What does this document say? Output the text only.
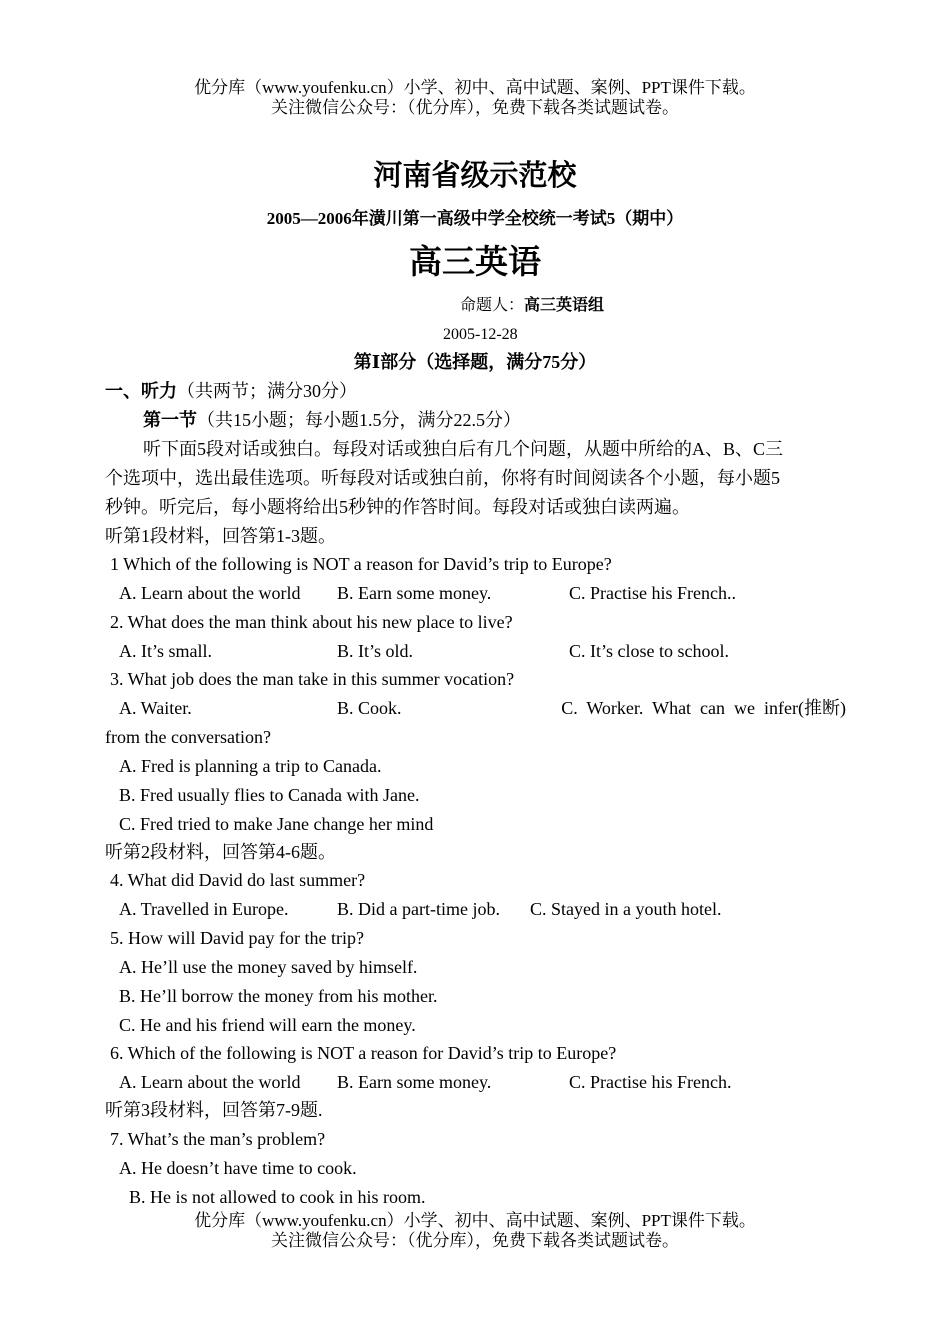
优分库（www.youfenku.cn）小学、初中、高中试题、案例、PPT课件下载。
关注微信公众号：（优分库），免费下载各类试题试卷。
河南省级示范校
2005—2006年潢川第一高级中学全校统一考试5（期中）
高三英语
命题人：高三英语组
2005-12-28
第Ⅰ部分（选择题，满分75分）
一、听力（共两节；满分30分）
第一节（共15小题；每小题1.5分，满分22.5分）
听下面5段对话或独白。每段对话或独白后有几个问题，从题中所给的A、B、C三
个选项中，选出最佳选项。听每段对话或独白前，你将有时间阅读各个小题，每小题5
秒钟。听完后，每小题将给出5秒钟的作答时间。每段对话或独白读两遍。
听第1段材料，回答第1-3题。
1 Which of the following is NOT a reason for David’s trip to Europe?
A. Learn about the world B. Earn some money.	C. Practise his French..
2. What does the man think about his new place to live?
A. It’s small.	B. It’s old.	C. It’s close to school.
3. What job does the man take in this summer vocation?
A. Waiter.	B. Cook.	C.  Worker.  What  can  we  infer(推断)
from the conversation?
A. Fred is planning a trip to Canada.
B. Fred usually flies to Canada with Jane.
C. Fred tried to make Jane change her mind
听第2段材料，回答第4-6题。
4. What did David do last summer?
A. Travelled in Europe.	B. Did a part-time job. C. Stayed in a youth hotel.
5. How will David pay for the trip?
A. He’ll use the money saved by himself.
B. He’ll borrow the money from his mother.
C. He and his friend will earn the money.
6. Which of the following is NOT a reason for David’s trip to Europe?
A. Learn about the world B. Earn some money.	C. Practise his French.
听第3段材料，回答第7-9题.
7. What’s the man’s problem?
A. He doesn’t have time to cook.
B. He is not allowed to cook in his room.
优分库（www.youfenku.cn）小学、初中、高中试题、案例、PPT课件下载。
关注微信公众号：（优分库），免费下载各类试题试卷。
